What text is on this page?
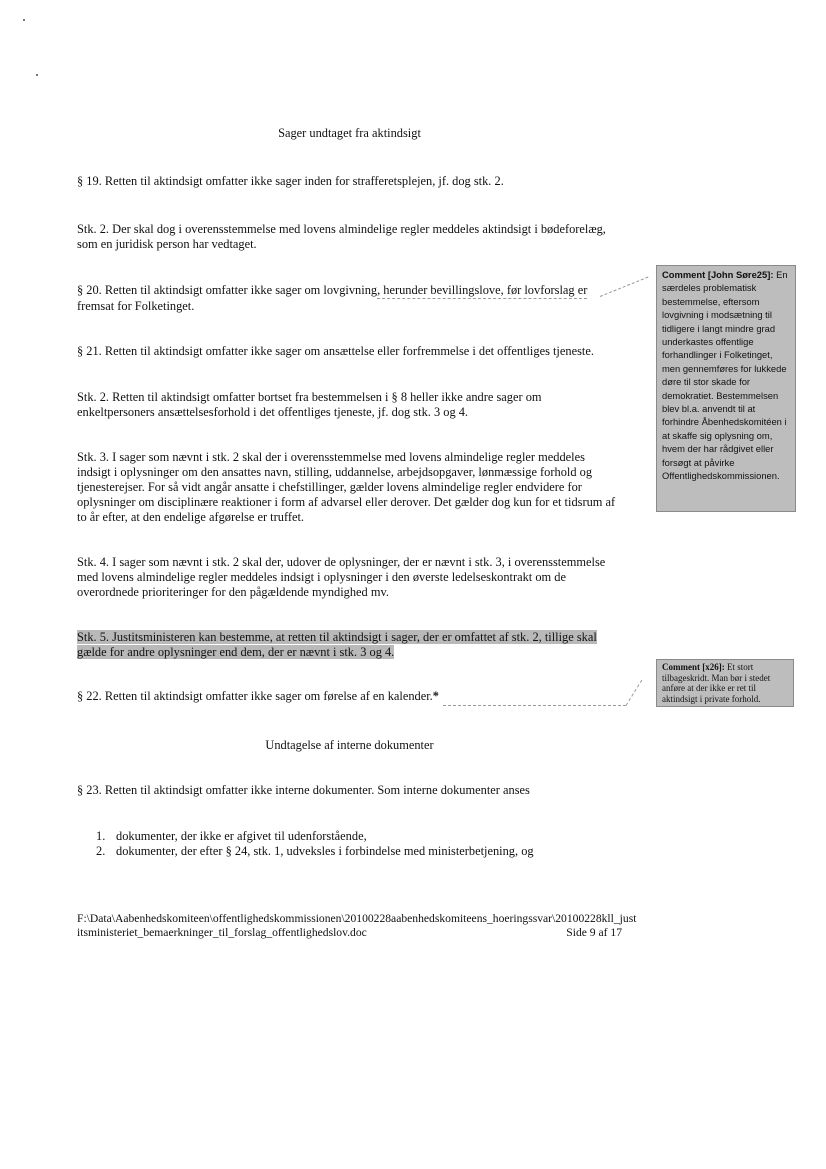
Sager undtaget fra aktindsigt
§ 19. Retten til aktindsigt omfatter ikke sager inden for strafferetsplejen, jf. dog stk. 2.
Stk. 2. Der skal dog i overensstemmelse med lovens almindelige regler meddeles aktindsigt i bødeforelæg,
som en juridisk person har vedtaget.
§ 20. Retten til aktindsigt omfatter ikke sager om lovgivning, herunder bevillingslove, før lovforslag er
fremsat for Folketinget.
§ 21. Retten til aktindsigt omfatter ikke sager om ansættelse eller forfremmelse i det offentliges tjeneste.
Stk. 2. Retten til aktindsigt omfatter bortset fra bestemmelsen i § 8 heller ikke andre sager om
enkeltpersoners ansættelsesforhold i det offentliges tjeneste, jf. dog stk. 3 og 4.
Stk. 3. I sager som nævnt i stk. 2 skal der i overensstemmelse med lovens almindelige regler meddeles
indsigt i oplysninger om den ansattes navn, stilling, uddannelse, arbejdsopgaver, lønmæssige forhold og
tjenesterejser. For så vidt angår ansatte i chefstillinger, gælder lovens almindelige regler endvidere for
oplysninger om disciplinære reaktioner i form af advarsel eller derover. Det gælder dog kun for et tidsrum af
to år efter, at den endelige afgørelse er truffet.
Stk. 4. I sager som nævnt i stk. 2 skal der, udover de oplysninger, der er nævnt i stk. 3, i overensstemmelse
med lovens almindelige regler meddeles indsigt i oplysninger i den øverste ledelseskontrakt om de
overordnede prioriteringer for den pågældende myndighed mv.
Stk. 5. Justitsministeren kan bestemme, at retten til aktindsigt i sager, der er omfattet af stk. 2, tillige skal
gælde for andre oplysninger end dem, der er nævnt i stk. 3 og 4.
§ 22. Retten til aktindsigt omfatter ikke sager om førelse af en kalender.*
Undtagelse af interne dokumenter
§ 23. Retten til aktindsigt omfatter ikke interne dokumenter. Som interne dokumenter anses
1. dokumenter, der ikke er afgivet til udenforstående,
2. dokumenter, der efter § 24, stk. 1, udveksles i forbindelse med ministerbetjening, og
F:\Data\Aabenhedskomiteen\offentlighedskommissionen\20100228aabenhedskomiteens_hoeringssvar\20100228kll_just
itsministeriet_bemaerkninger_til_forslag_offentlighedslov.doc	Side 9 af 17
Comment [John Søre25]: En særdeles problematisk bestemmelse, eftersom lovgivning i modsætning til tidligere i langt mindre grad underkastes offentlige forhandlinger i Folketinget, men gennemføres for lukkede døre til stor skade for demokratiet. Bestemmelsen blev bl.a. anvendt til at forhindre Åbenhedskomitéen i at skaffe sig oplysning om, hvem der har rådgivet eller forsøgt at påvirke Offentlighedskommissionen.
Comment [x26]: Et stort tilbageskridt. Man bør i stedet anføre at der ikke er ret til aktindsigt i private forhold.
